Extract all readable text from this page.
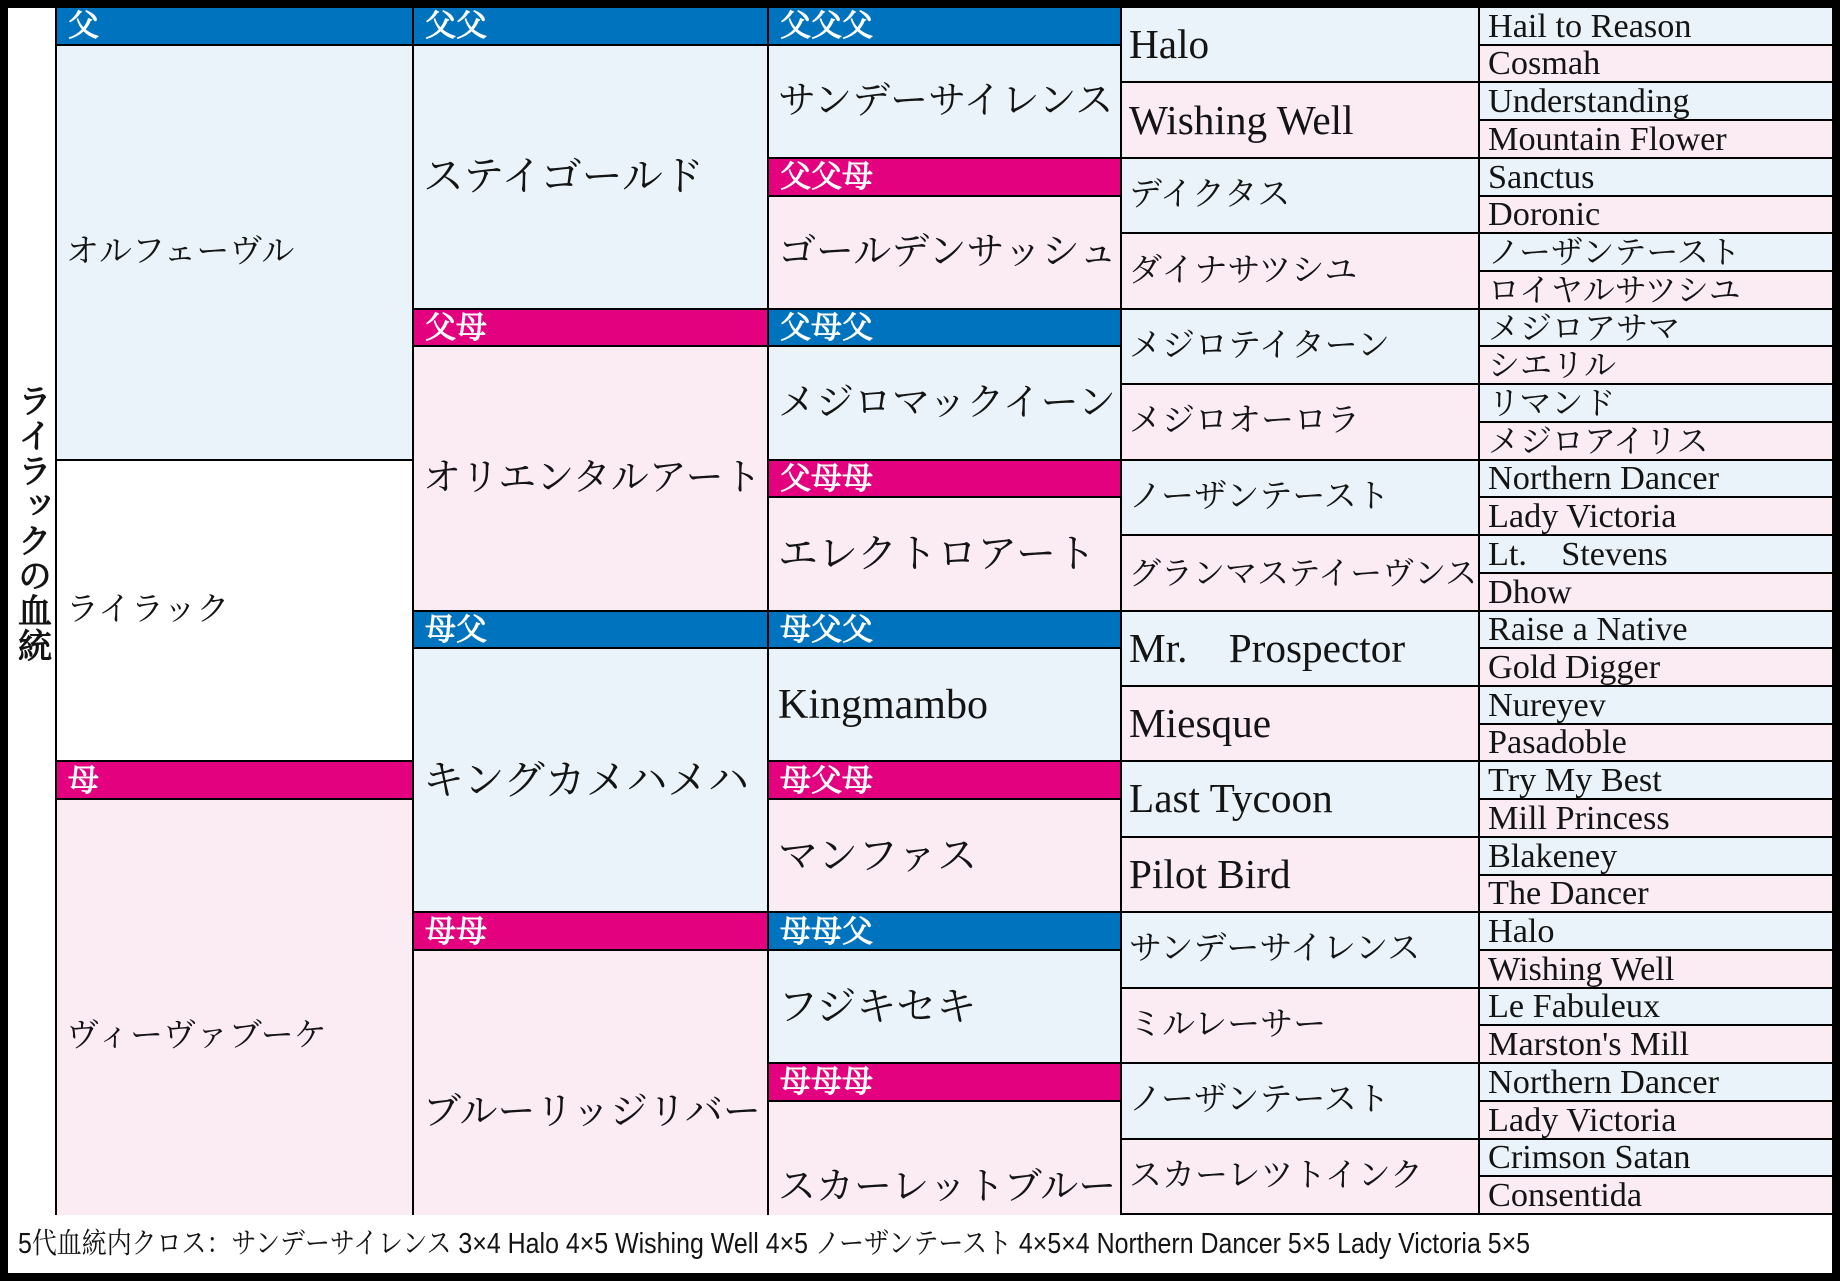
ライラックの血統
父
オルフェーヴル
ライラック
母
ヴィーヴァブーケ
父父
ステイゴールド
父母
オリエンタルアート
母父
キングカメハメハ
母母
ブルーリッジリバー
父父父
サンデーサイレンス
父父母
ゴールデンサッシュ
父母父
メジロマックイーン
父母母
エレクトロアート
母父父
Kingmambo
母父母
マンファス
母母父
フジキセキ
母母母
スカーレットブルー
Halo
Wishing Well
デイクタス
ダイナサツシユ
メジロテイターン
メジロオーロラ
ノーザンテースト
グランマステイーヴンス
Mr.　Prospector
Miesque
Last Tycoon
Pilot Bird
サンデーサイレンス
ミルレーサー
ノーザンテースト
スカーレツトインク
Hail to Reason
Cosmah
Understanding
Mountain Flower
Sanctus
Doronic
ノーザンテースト
ロイヤルサツシユ
メジロアサマ
シエリル
リマンド
メジロアイリス
Northern Dancer
Lady Victoria
Lt.　Stevens
Dhow
Raise a Native
Gold Digger
Nureyev
Pasadoble
Try My Best
Mill Princess
Blakeney
The Dancer
Halo
Wishing Well
Le Fabuleux
Marston's Mill
Northern Dancer
Lady Victoria
Crimson Satan
Consentida
5代血統内クロス：サンデーサイレンス 3×4 Halo 4×5 Wishing Well 4×5 ノーザンテースト 4×5×4 Northern Dancer 5×5 Lady Victoria 5×5
